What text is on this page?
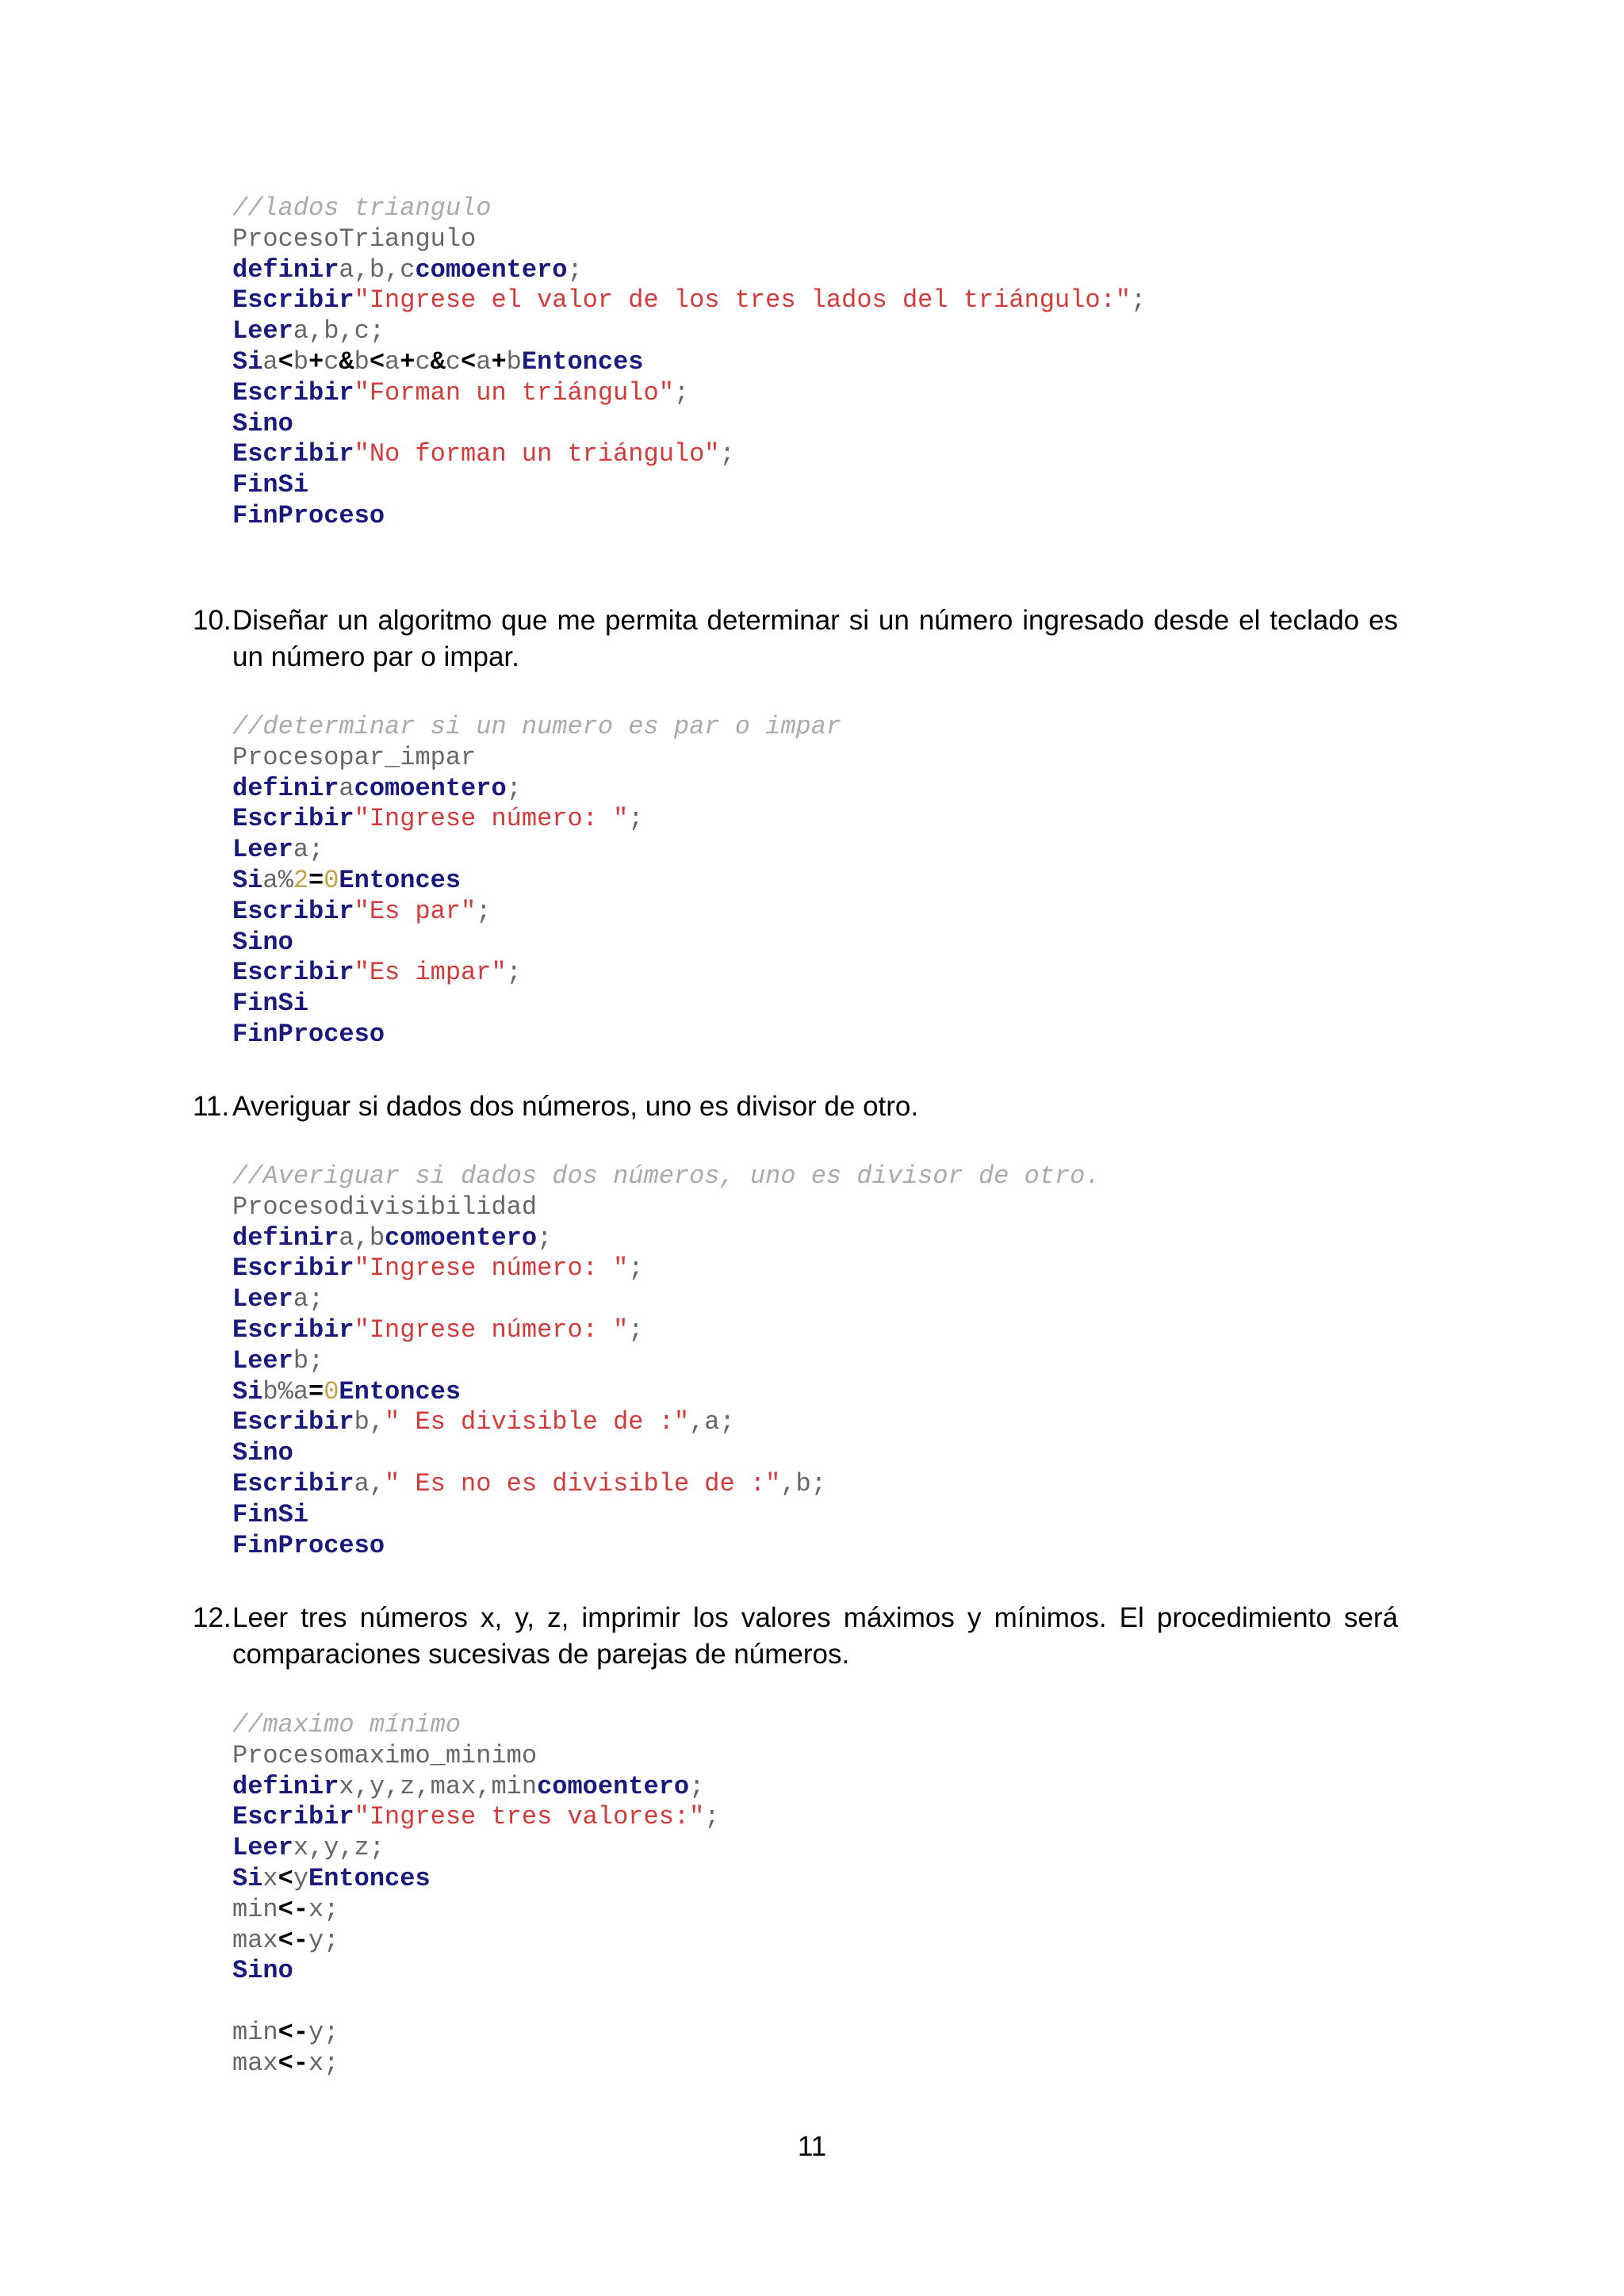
//lados triangulo
ProcesoTriangulo
definira,b,ccomoentero;
Escribir"Ingrese el valor de los tres lados del triángulo:";
Leera,b,c;
Sia<b+c&b<a+c&c<a+bEntonces
Escribir"Forman un triángulo";
Sino
Escribir"No forman un triángulo";
FinSi
FinProceso
10. Diseñar un algoritmo que me permita determinar si un número ingresado desde el teclado es un número par o impar.
//determinar si un numero es par o impar
Procesopar_impar
definiracomoentero;
Escribir"Ingrese número: ";
Leera;
Sia%2=0Entonces
Escribir"Es par";
Sino
Escribir"Es impar";
FinSi
FinProceso
11. Averiguar si dados dos números, uno es divisor de otro.
//Averiguar si dados dos números, uno es divisor de otro.
Procesodivisibilidad
definira,bcomoentero;
Escribir"Ingrese número: ";
Leera;
Escribir"Ingrese número: ";
Leerb;
Sib%a=0Entonces
Escribirb," Es divisible de :",a;
Sino
Escribira," Es no es divisible de :",b;
FinSi
FinProceso
12. Leer tres números x, y, z, imprimir los valores máximos y mínimos. El procedimiento será comparaciones sucesivas de parejas de números.
//maximo mínimo
Procesomaximo_minimo
definirx,y,z,max,mincomoentero;
Escribir"Ingrese tres valores:";
Leerx,y,z;
Six<yEntonces
min<-x;
max<-y;
Sino

min<-y;
max<-x;
11
